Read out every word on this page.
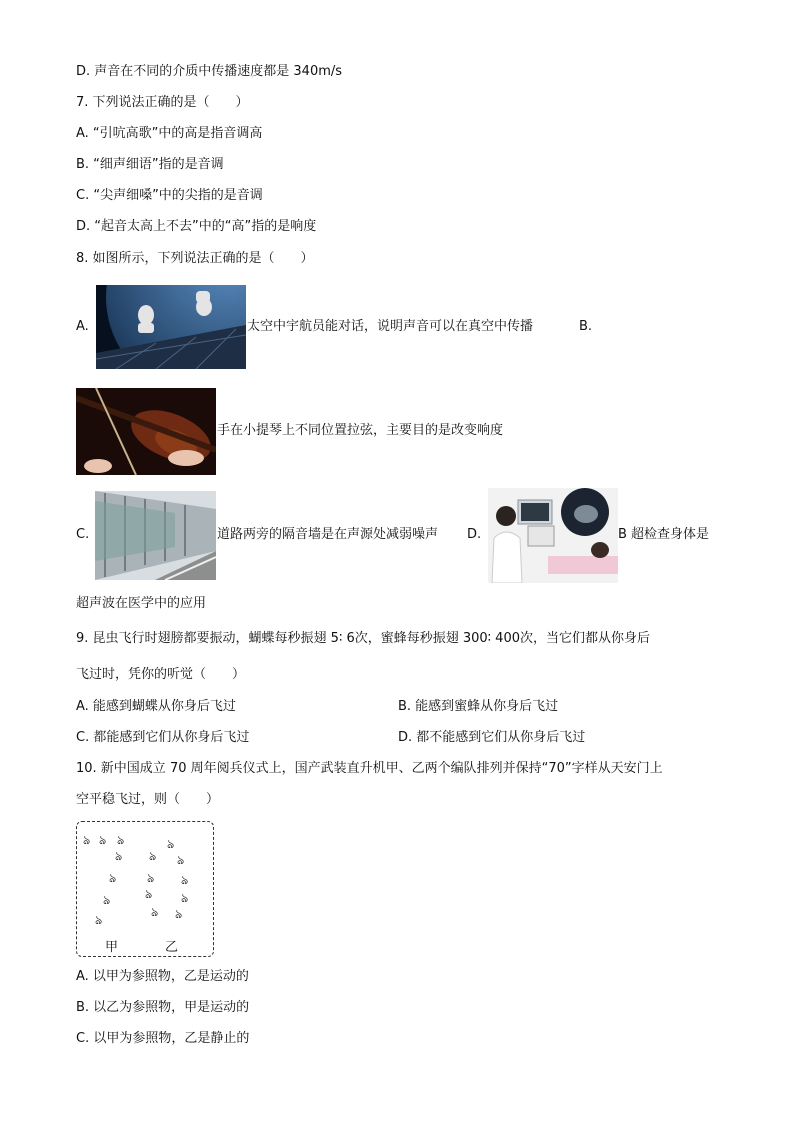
D. 声音在不同的介质中传播速度都是 340m/s
7. 下列说法正确的是（　　）
A. “引吭高歌”中的高是指音调高
B. “细声细语”指的是音调
C. “尖声细嗓”中的尖指的是音调
D. “起音太高上不去”中的“高”指的是响度
8. 如图所示，下列说法正确的是（　　）
A.	太空中宇航员能对话，说明声音可以在真空中传播	B.
手在小提琴上不同位置拉弦，主要目的是改变响度
C.	道路两旁的隔音墙是在声源处减弱噪声 D.	B 超检查身体是
超声波在医学中的应用
9. 昆虫飞行时翅膀都要振动，蝴蝶每秒振翅 5∶ 6次，蜜蜂每秒振翅 300∶ 400次，当它们都从你身后
飞过时，凭你的听觉（　　）
A. 能感到蝴蝶从你身后飞过	B. 能感到蜜蜂从你身后飞过
C. 都能感到它们从你身后飞过	D. 都不能感到它们从你身后飞过
10. 新中国成立 70 周年阅兵仪式上，国产武装直升机甲、乙两个编队排列并保持“70”字样从天安门上
空平稳飞过，则（　　）
ঌ ঌ ঌ
ঌ
ঌ
ঌ
ঌ
ঌ
ঌ ঌ
ঌ ঌ
ঌ ঌ
ঌ ঌ
甲	乙
A. 以甲为参照物，乙是运动的
B. 以乙为参照物，甲是运动的
C. 以甲为参照物，乙是静止的
